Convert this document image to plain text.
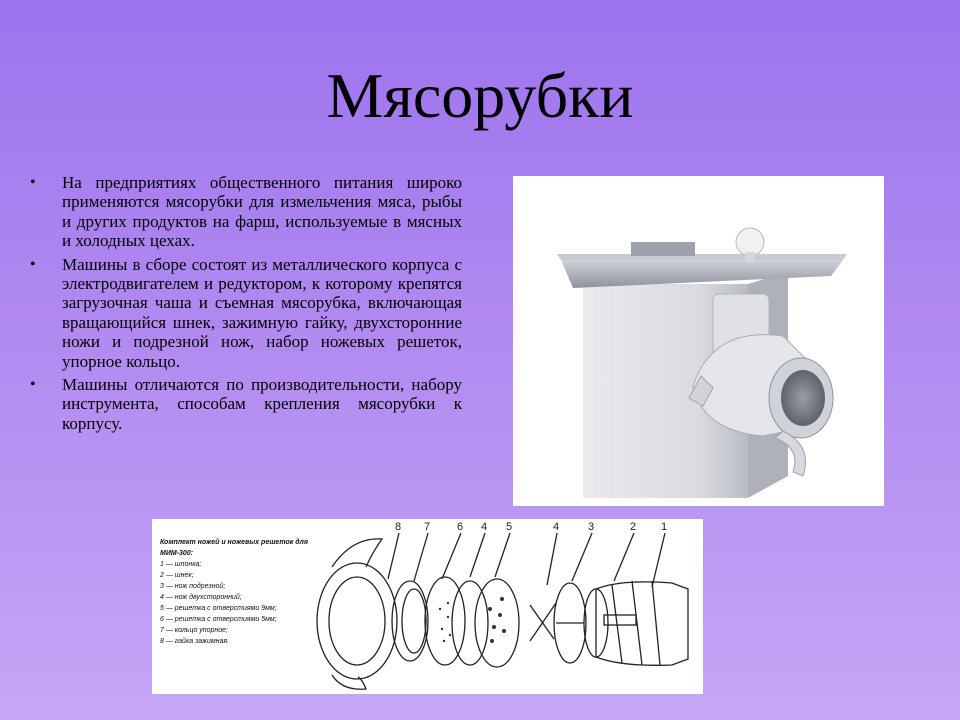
Мясорубки
• На предприятиях общественного питания широко применяются мясорубки для измельчения мяса, рыбы и других продуктов на фарш, используемые в мясных и холодных цехах.
• Машины в сборе состоят из металлического корпуса с электродвигателем и редуктором, к которому крепятся загрузочная чаша и съемная мясорубка, включающая вращающийся шнек, зажимную гайку, двухсторонние ножи и подрезной нож, набор ножевых решеток, упорное кольцо.
• Машины отличаются по производительности, набору инструмента, способам крепления мясорубки к корпусу.
Комплект ножей и ножевых решеток для МИМ-300:
1 — шпонка;
2 — шнек;
3 — нож подрезной;
4 — нож двухсторонний;
5 — решетка с отверстиями 9мм;
6 — решетка с отверстиями 5мм;
7 — кольцо упорное;
8 — гайка зажимная.
8 7 6 4 5	4	3	2 1
